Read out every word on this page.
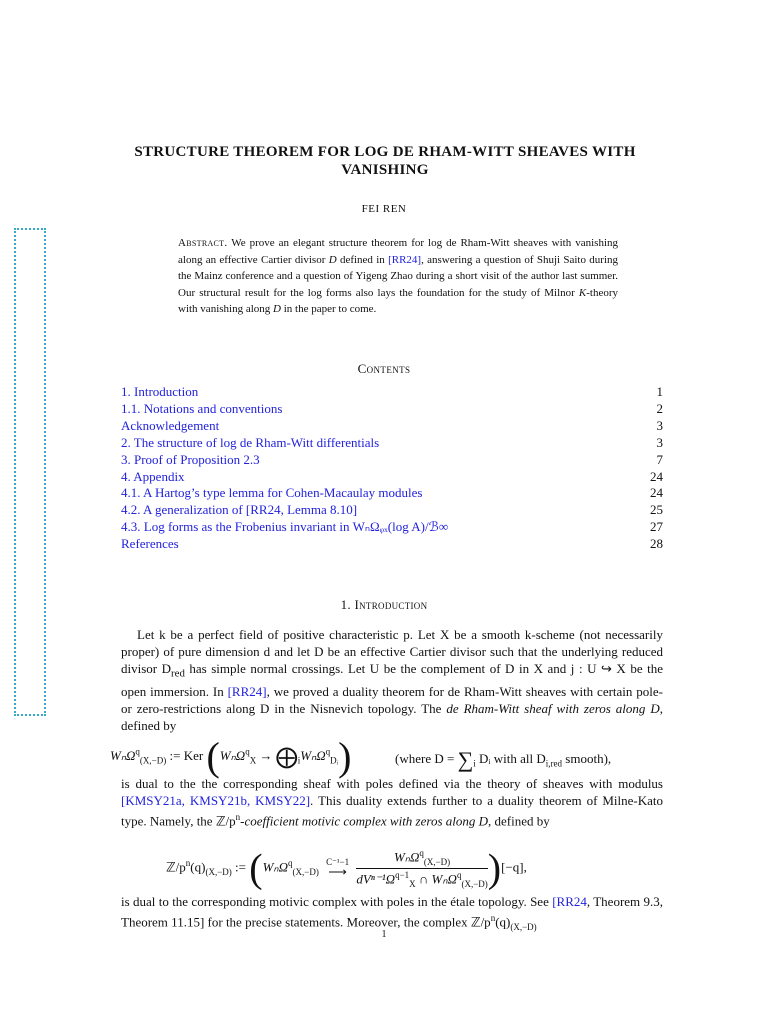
STRUCTURE THEOREM FOR LOG DE RHAM-WITT SHEAVES WITH VANISHING
FEI REN
Abstract. We prove an elegant structure theorem for log de Rham-Witt sheaves with vanishing along an effective Cartier divisor D defined in [RR24], answering a question of Shuji Saito during the Mainz conference and a question of Yigeng Zhao during a short visit of the author last summer. Our structural result for the log forms also lays the foundation for the study of Milnor K-theory with vanishing along D in the paper to come.
Contents
1. Introduction	1
1.1. Notations and conventions	2
Acknowledgement	3
2. The structure of log de Rham-Witt differentials	3
3. Proof of Proposition 2.3	7
4. Appendix	24
4.1. A Hartog’s type lemma for Cohen-Macaulay modules	24
4.2. A generalization of [RR24, Lemma 8.10]	25
4.3. Log forms as the Frobenius invariant in WₙΩᵩₓ(log A)/ℬ∞	27
References	28
1. Introduction
Let k be a perfect field of positive characteristic p. Let X be a smooth k-scheme (not necessarily proper) of pure dimension d and let D be an effective Cartier divisor such that the underlying reduced divisor $D_{red}$ has simple normal crossings. Let U be the complement of D in X and j : U ↪ X be the open immersion. In [RR24], we proved a duality theorem for de Rham-Witt sheaves with certain pole- or zero-restrictions along D in the Nisnevich topology. The de Rham-Witt sheaf with zeros along D, defined by
WₙΩ$^q_{(X,-D)}$ := Ker $(W_n\Omega^q_X \to ⨁_iW_n\Omega^q_{Dᵢ})$	(where $D = \sum_i$ Dᵢ with all $D_{i,red}$ smooth),
is dual to the the corresponding sheaf with poles defined via the theory of sheaves with modulus [KMSY21a, KMSY21b, KMSY22]. This duality extends further to a duality theorem of Milne-Kato type. Namely, the $ℤ/p^n$-coefficient motivic complex with zeros along D, defined by
$ℤ/p^n(q)_{(X,-D)}$ := (WₙΩ$^q_{(X,-D)}$
C⁻¹−1
⟶
$\frac{W_n\Omega^q_{(X,-D)}}{dV^{n-1}\Omega^{q-1}_X \cap W_n\Omega^q_{(X,-D)}} )[-q]$,
is dual to the corresponding motivic complex with poles in the étale topology. See [RR24, Theorem 9.3, Theorem 11.15] for the precise statements. Moreover, the complex $ℤ/p^n(q)_{(X,-D)}$
1
